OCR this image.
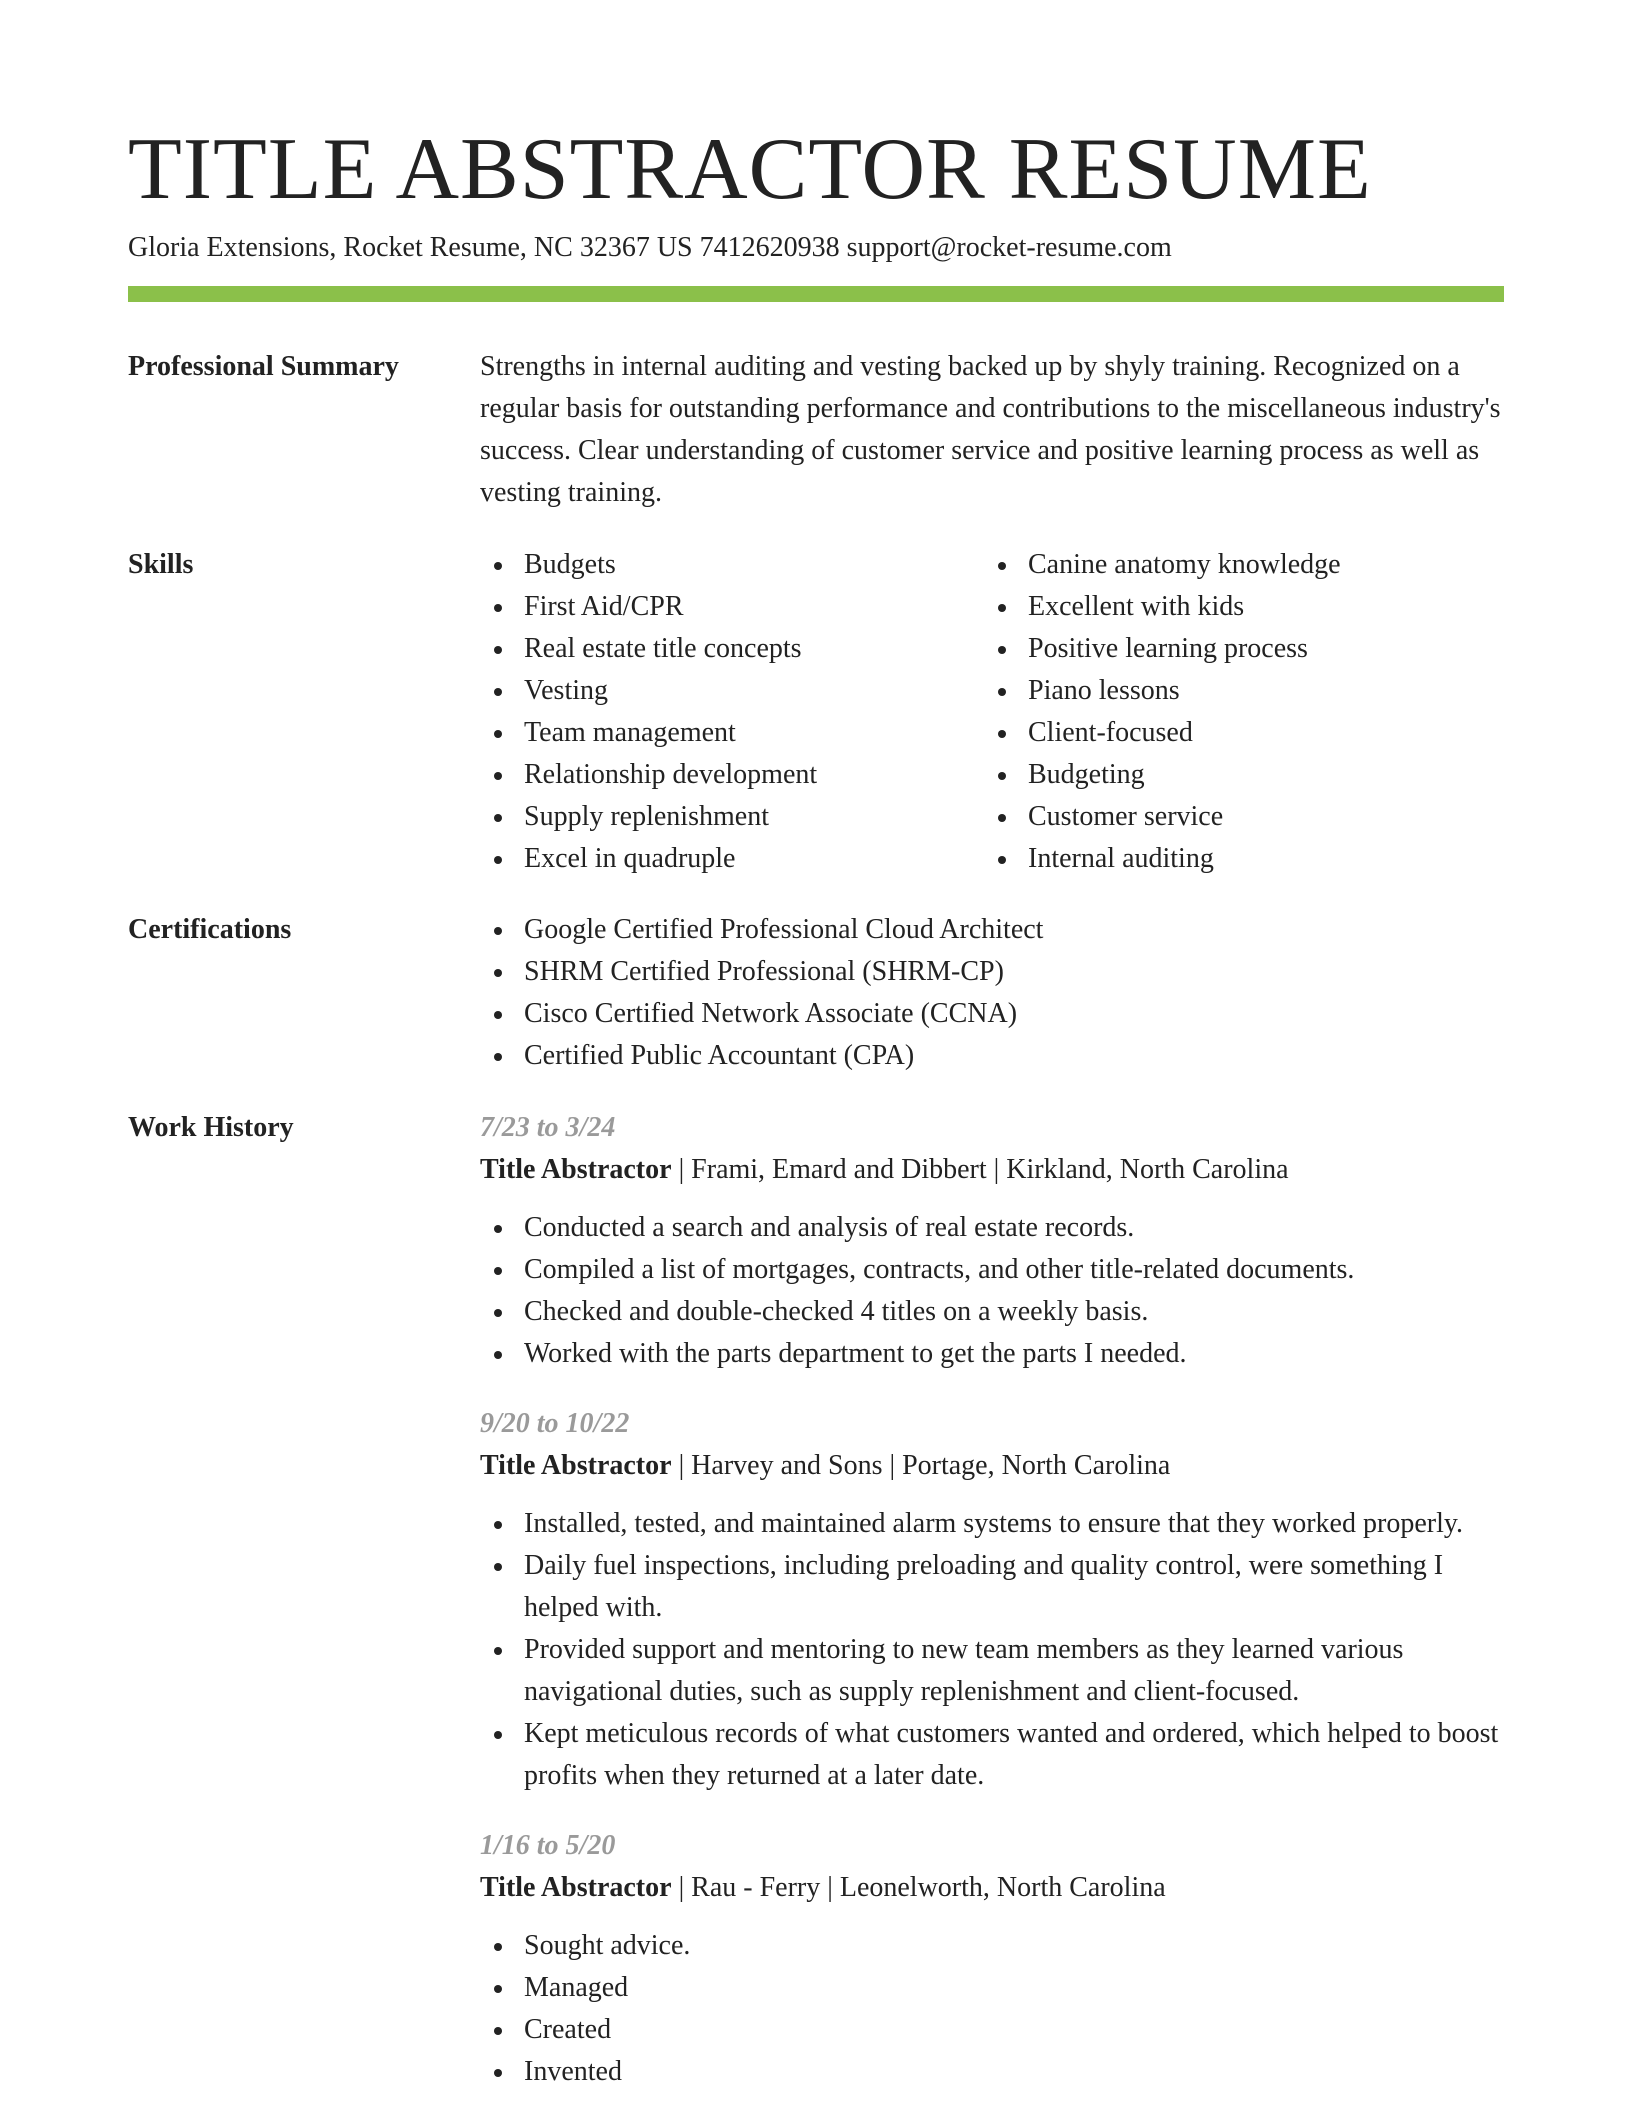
TITLE ABSTRACTOR RESUME
Gloria Extensions, Rocket Resume, NC 32367 US 7412620938 support@rocket-resume.com
Professional Summary	Strengths in internal auditing and vesting backed up by shyly training. Recognized on a regular basis for outstanding performance and contributions to the miscellaneous industry's success. Clear understanding of customer service and positive learning process as well as vesting training.

Skills	Budgets
First Aid/CPR
Real estate title concepts
Vesting
Team management
Relationship development
Supply replenishment
Excel in quadruple
Canine anatomy knowledge
Excellent with kids
Positive learning process
Piano lessons
Client-focused
Budgeting
Customer service
Internal auditing
Certifications	Google Certified Professional Cloud Architect
SHRM Certified Professional (SHRM-CP)
Cisco Certified Network Associate (CCNA)
Certified Public Accountant (CPA)
Work History	7/23 to 3/24
Title Abstractor | Frami, Emard and Dibbert | Kirkland, North Carolina
Conducted a search and analysis of real estate records.
Compiled a list of mortgages, contracts, and other title-related documents.
Checked and double-checked 4 titles on a weekly basis.
Worked with the parts department to get the parts I needed.
9/20 to 10/22
Title Abstractor | Harvey and Sons | Portage, North Carolina
Installed, tested, and maintained alarm systems to ensure that they worked properly.
Daily fuel inspections, including preloading and quality control, were something I helped with.
Provided support and mentoring to new team members as they learned various navigational duties, such as supply replenishment and client-focused.
Kept meticulous records of what customers wanted and ordered, which helped to boost profits when they returned at a later date.
1/16 to 5/20
Title Abstractor | Rau - Ferry | Leonelworth, North Carolina
Sought advice.
Managed
Created
Invented
